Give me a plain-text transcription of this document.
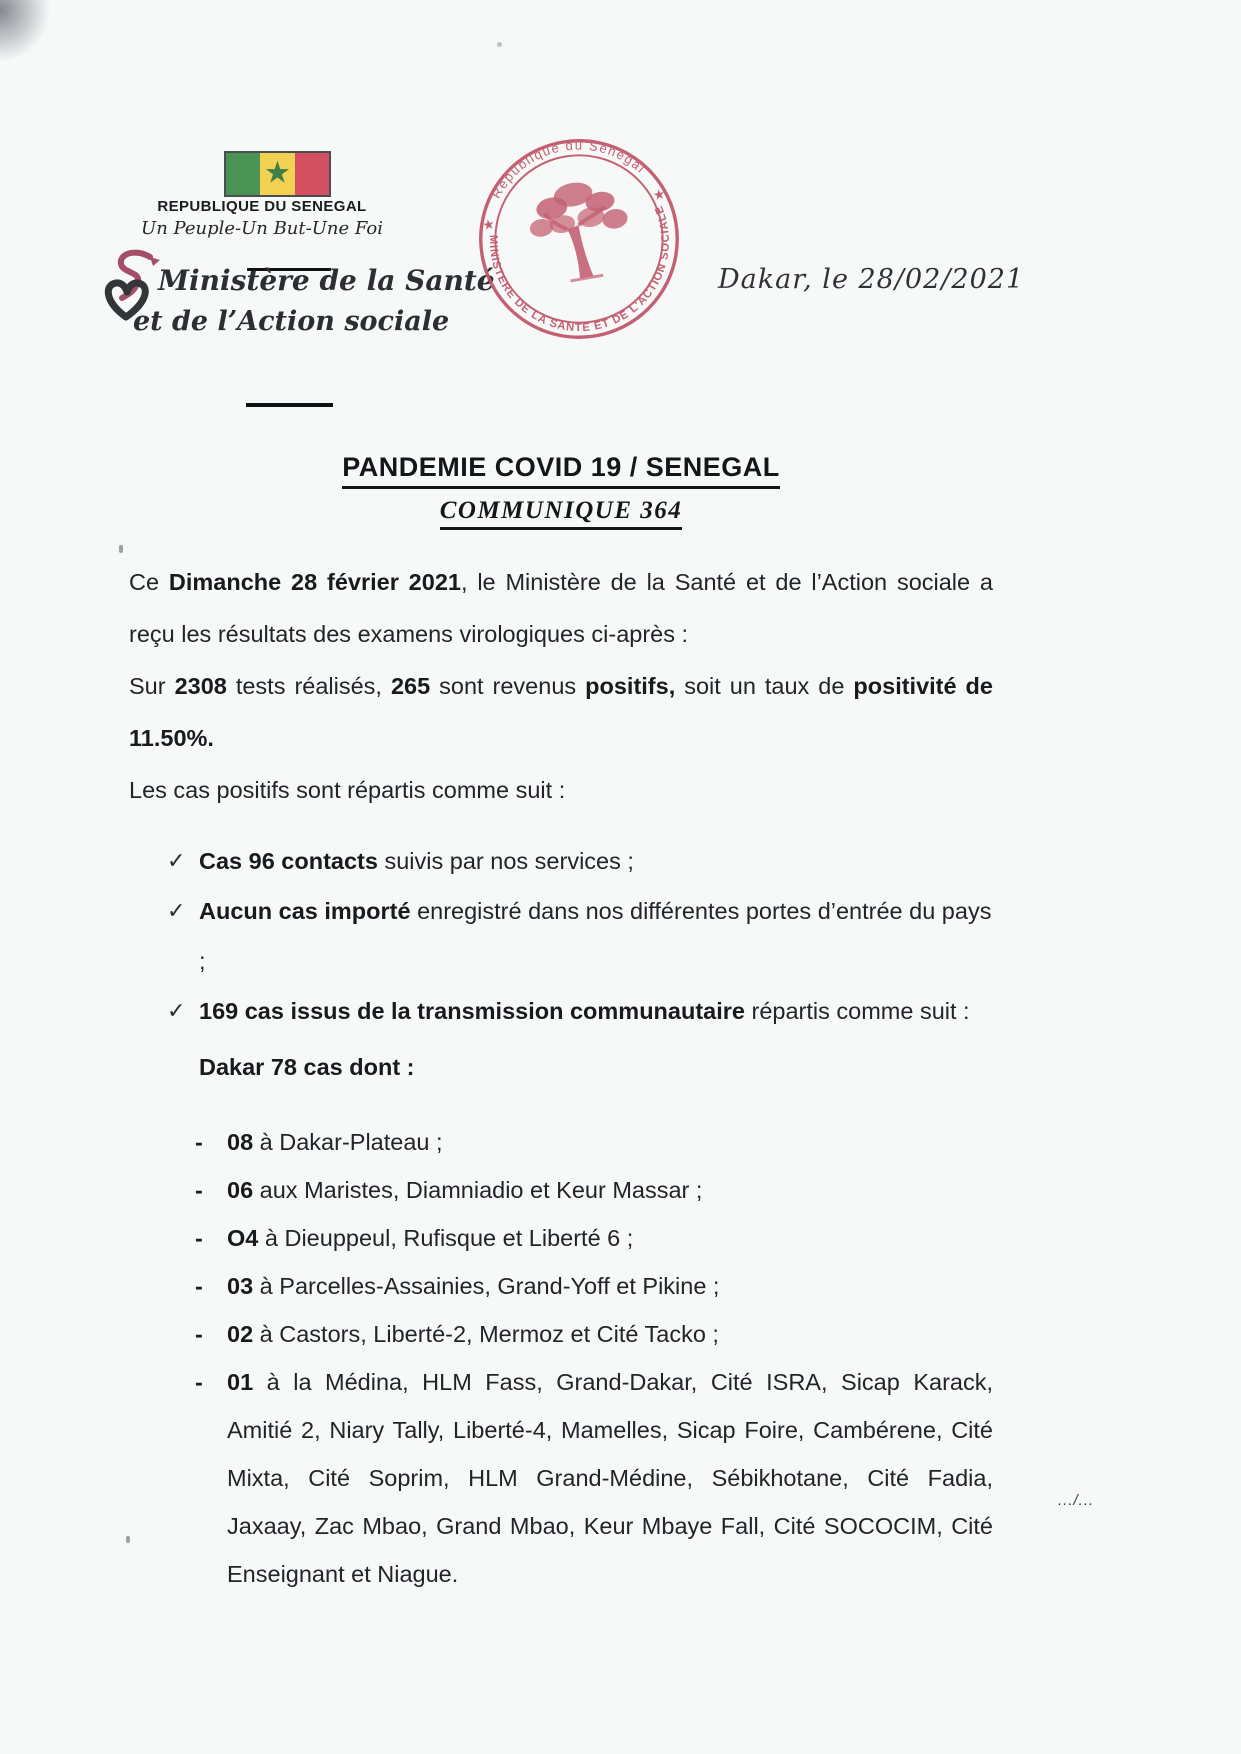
★
REPUBLIQUE DU SENEGAL
Un Peuple-Un But-Une Foi
Ministère de la Santé
et de l’Action sociale
République du Sénégal
MINISTERE DE LA SANTE ET DE L'ACTION SOCIALE
★
★
Dakar, le 28/02/2021
PANDEMIE COVID 19 / SENEGAL
COMMUNIQUE 364

Ce Dimanche 28 février 2021, le Ministère de la Santé et de l’Action sociale a reçu les résultats des examens virologiques ci-après :

Sur 2308 tests réalisés, 265 sont revenus positifs, soit un taux de positivité de 11.50%.

Les cas positifs sont répartis comme suit :

✓ Cas 96 contacts suivis par nos services ;
✓ Aucun cas importé enregistré dans nos différentes portes d’entrée du pays ;
✓ 169 cas issus de la transmission communautaire répartis comme suit :
Dakar 78 cas dont :
- 08 à Dakar-Plateau ;
- 06 aux Maristes, Diamniadio et Keur Massar ;
- O4 à Dieuppeul, Rufisque et Liberté 6 ;
- 03 à Parcelles-Assainies, Grand-Yoff et Pikine ;
- 02 à Castors, Liberté-2, Mermoz et Cité Tacko ;
- 01 à la Médina, HLM Fass, Grand-Dakar, Cité ISRA, Sicap Karack, Amitié 2, Niary Tally, Liberté-4, Mamelles, Sicap Foire, Cambérene, Cité Mixta, Cité Soprim, HLM Grand-Médine, Sébikhotane, Cité Fadia, Jaxaay, Zac Mbao, Grand Mbao, Keur Mbaye Fall, Cité SOCOCIM, Cité Enseignant et Niague.
.../...
